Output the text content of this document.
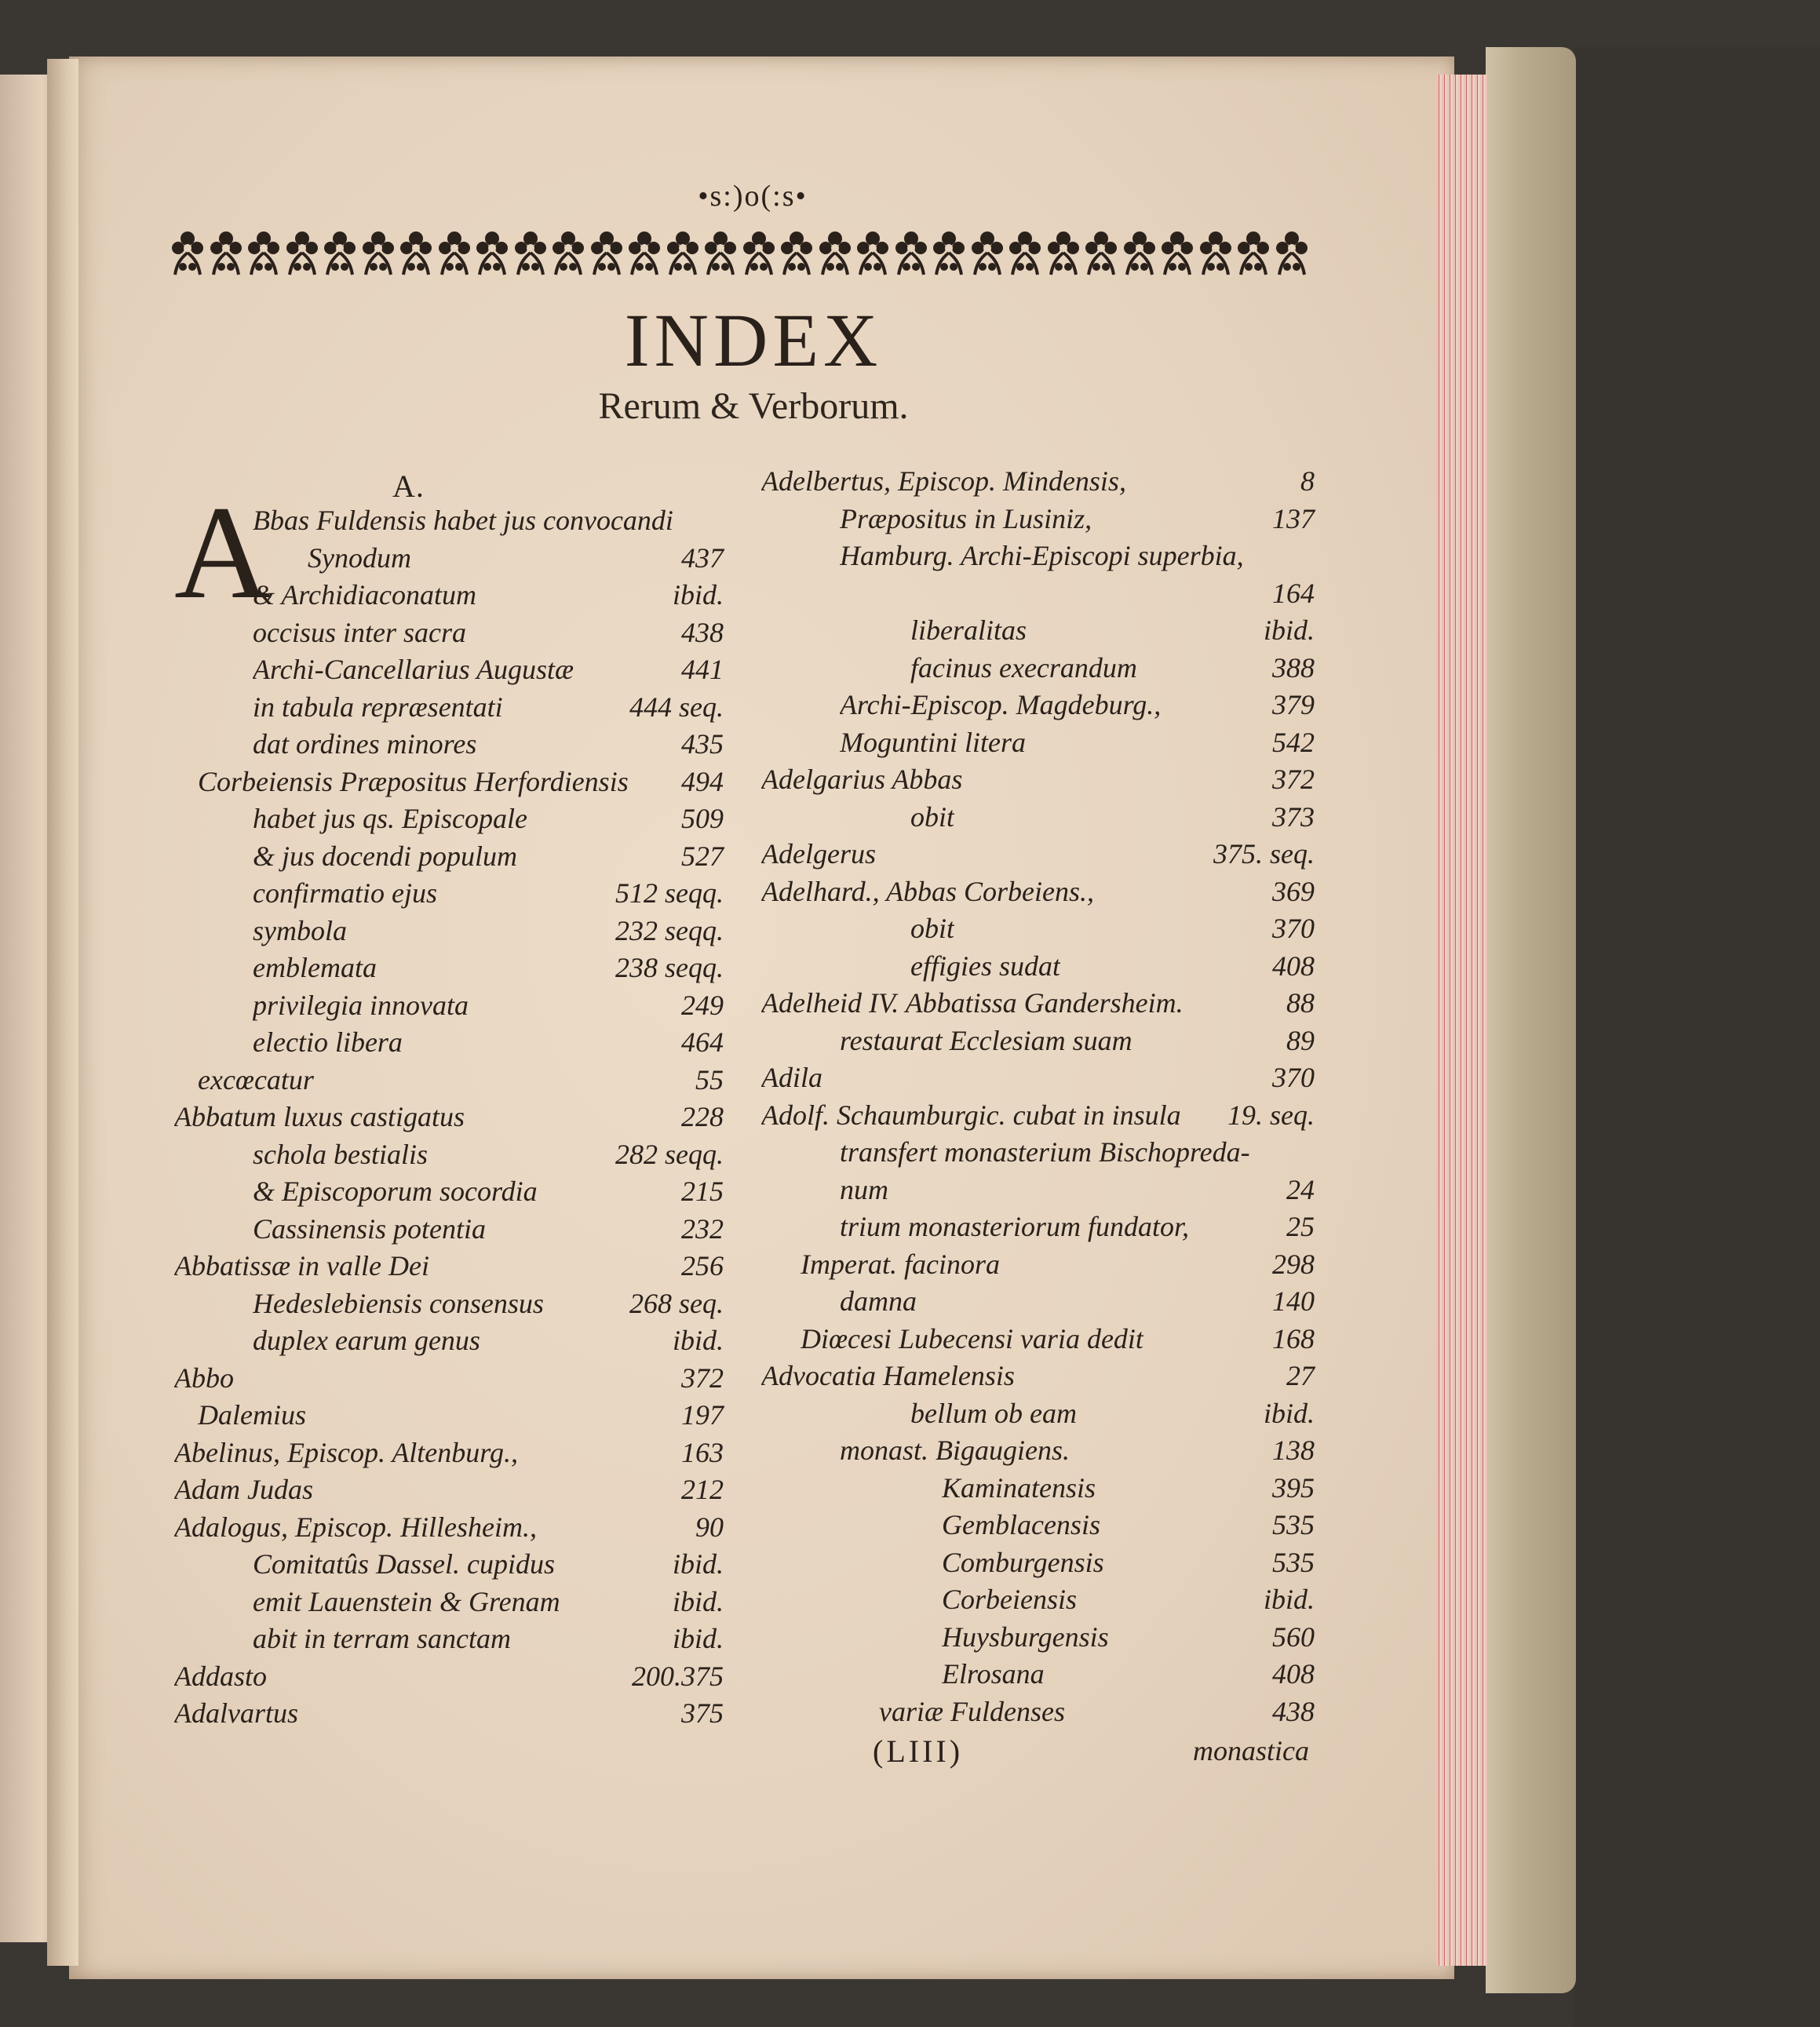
•s:)o(:s•
INDEX
Rerum & Verborum.
A
Bbas Fuldensis habet jus convocandi
Synodum	437
& Archidiaconatum	ibid.
occisus inter sacra	438
Archi-Cancellarius Augustæ	441
in tabula repræsentati	444 seq.
dat ordines minores	435
Corbeiensis Præpositus Herfordiensis 494
habet jus qs. Episcopale	509
& jus docendi populum	527
confirmatio ejus	512 seqq.
symbola	232 seqq.
emblemata	238 seqq.
privilegia innovata	249
electio libera	464
excœcatur	55
Abbatum luxus castigatus	228
schola bestialis	282 seqq.
& Episcoporum socordia	215
Cassinensis potentia	232
Abbatissæ in valle Dei	256
Hedeslebiensis consensus	268 seq.
duplex earum genus	ibid.
Abbo	372
Dalemius	197
Abelinus, Episcop. Altenburg.,	163
Adam Judas	212
Adalogus, Episcop. Hillesheim.,	90
Comitatûs Dassel. cupidus	ibid.
emit Lauenstein & Grenam	ibid.
abit in terram sanctam	ibid.
Addasto	200.375
Adalvartus	375
A.	Adelbertus, Episcop. Mindensis,	8
Præpositus in Lusiniz,	137
Hamburg. Archi-Episcopi superbia,
164
liberalitas	ibid.
facinus execrandum	388
Archi-Episcop. Magdeburg.,	379
Moguntini litera	542
Adelgarius Abbas	372
obit	373
Adelgerus	375. seq.
Adelhard., Abbas Corbeiens.,	369
obit	370
effigies sudat	408
Adelheid IV. Abbatissa Gandersheim.	88
restaurat Ecclesiam suam	89
Adila	370
Adolf. Schaumburgic. cubat in insula 19. seq.
transfert monasterium Bischopreda-
num	24
trium monasteriorum fundator,	25
Imperat. facinora	298
damna	140
Diœcesi Lubecensi varia dedit	168
Advocatia Hamelensis	27
bellum ob eam	ibid.
monast. Bigaugiens.	138
Kaminatensis	395
Gemblacensis	535
Comburgensis	535
Corbeiensis	ibid.
Huysburgensis	560
Elrosana	408
variæ Fuldenses	438
(LIII)	monastica
